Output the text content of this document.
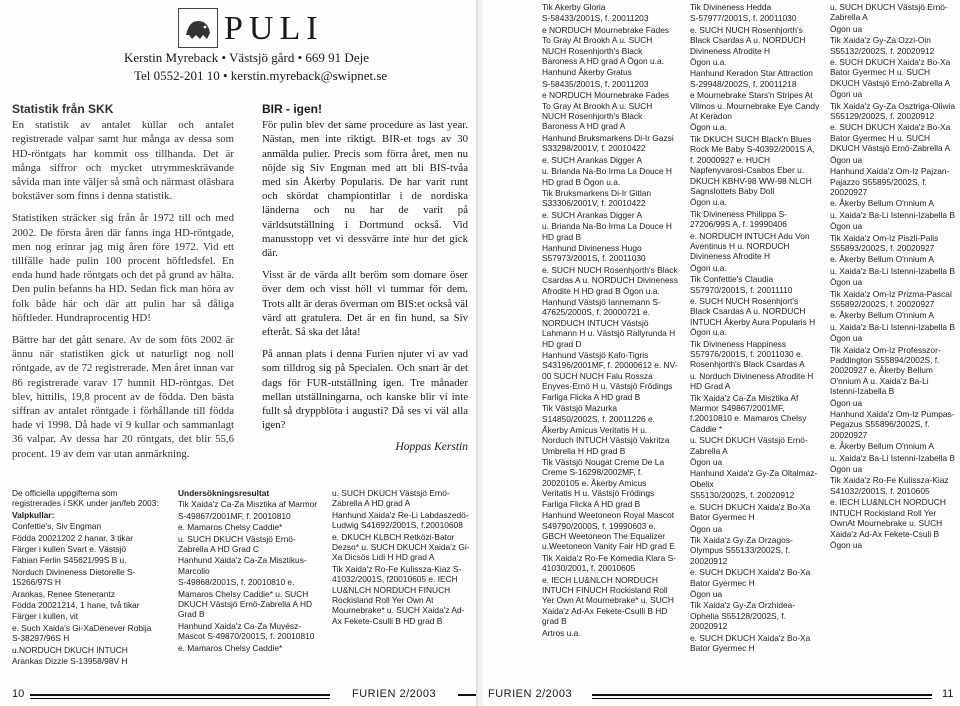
PULI
Kerstin Myreback • Västsjö gård • 669 91 Deje
Tel 0552-201 10 • kerstin.myreback@swipnet.se
Statistik från SKK

En statistik av antalet kullar och antalet registrerade valpar samt hur många av dessa som HD-röntgats har kommit oss tillhanda. Det är många siffror och mycket utrymmeskrävande såvida man inte väljer så små och närmast oläsbara bokstäver som finns i denna statistik.

Statistiken sträcker sig från år 1972 till och med 2002. De första åren där fanns inga HD-röntgade, men nog erinrar jag mig åren före 1972. Vid ett tillfälle hade pulin 100 procent höftledsfel. En enda hund hade röntgats och det på grund av hälta. Den pulin befanns ha HD. Sedan fick man höra av folk både här och där att pulin har så dåliga höftleder. Hundraprocentig HD!

Bättre har det gått senare. Av de som föts 2002 är ännu när statistiken gick ut naturligt nog noll röntgade, av de 72 registrerade. Men året innan var 86 registrerade varav 17 hunnit HD-röntgas. Det blev, hittills, 19,8 procent av de födda. Den bästa siffran av antalet röntgade i förhållande till födda hade vi 1998. Då hade vi 9 kullar och sammanlagt 36 valpar. Av dessa har 20 röntgats, det blir 55,6 procent. 19 av dem var utan anmärkning.

BIR - igen!

För pulin blev det same procedure as last year. Nästan, men inte riktigt. BIR-et togs av 30 anmälda pulier. Precis som förra året, men nu nöjde sig Siv Engman med att bli BIS-tvåa med sin Åkerby Popularis. De har varit runt och skördat championtitlar i de nordiska länderna och nu har de varit på världsutställning i Dortmund också. Vid manusstopp vet vi dessvärre inte hur det gick där.

Visst är de värda allt beröm som domare öser över dem och visst höll vi tummar för dem. Trots allt är deras överman om BIS:et också väl värd att gratulera. Det är en fin hund, sa Siv efteråt. Så ska det låta!

På annan plats i denna Furien njuter vi av vad som tilldrog sig på Specialen. Och snart är det dags för FUR-utställning igen. Tre månader mellan utställningarna, och kanske blir vi inte fullt så dryppblöta i augusti? Då ses vi väl alla igen?

Hoppas Kerstin
De officiella uppgifterna som registrerades i SKK under jan/feb 2003:
Valpkullar:
Confettie's, Siv Engman
Födda 20021202 2 hanar, 3 tikar
Färger i kullen Svart e. Västsjö
Fabian Ferlin S45621/99S B u.
Norduch Divineness Dietorelle S-15266/97S H
Arankas, Renee Stenerantz
Födda 20021214, 1 hane, två tikar
Färger i kullen, vit
e. Such Xaida's Gi-XaDenever Robija S-38297/96S H
u.NORDUCH DKUCH INTUCH
Arankas Dizzie S-13958/98V H
Undersökningsresultat
Tik Xaida'z Ca-Za Misztika af Marmor
S-49867/2001MF, f. 20010810
e. Mamaros Chelsy Caddie*
u. SUCH DKUCH Västsjö Ernö-Zabrella A HD Grad C
Hanhund Xaida'z Ca-Za Misztikus-Marcolio
S-49868/2001S, f. 20010810 e.
Mamaros Chelsy Caddie* u. SUCH DKUCH Västsjö Ernö-Zabrella A HD Grad B
Hanhund Xaida'z Ca-Za Muvész-Mascot S-49870/2001S, f. 20010810
e. Mamaros Chelsy Caddie*
u. SUCH DKUCH Västsjö Ernö-Zabrella A HD grad A
Hanhund Xaida'z Re-Li Labdaszedö-Ludwig S41692/2001S, f.20010608
e. DKUCH KLBCH Retközi-Bator Dezso* u. SUCH DKUCH Xaida'z Gi-Xa Dicsös Lidi H HD grad A
Tik Xaida'z Ro-Fe Kulissza-Kiaz S-41032/2001S, f20010605 e. IECH LU&NLCH NORDUCH FINUCH Rockisland Roll Yer Own At Mournebrake* u. SUCH Xaida'z Ad-Ax Fekete-Csulli B HD grad B
Tik Akerby Gloria
S-58433/2001S, f. 20011203
e NORDUCH Mournebrake Fades To Gray At Brookh A u. SUCH NUCH Rosenhjorth's Black Baroness A HD grad A Ögon u.a.
Hanhund Åkerby Gratus
S-58435/2001S, f. 20011203
e NORDUCH Mournebrake Fades To Gray At Brookh A u. SUCH NUCH Rosenhjorth's Black Baroness A HD grad A
Hanhund Bruksmarkens Di-Ir Gazsi S33298/2001V, f. 20010422
e. SUCH Arankas Digger A
u. Brianda Na-Bo Irma La Douce H HD grad B Ögon u.a.
Tik Bruksmarkens Di-Ir Gitlan S33306/2001V, f. 20010422
e. SUCH Arankas Digger A
u. Brianda Na-Bo Irma La Douce H HD grad B
Hanhund Divineness Hugo S57973/2001S, f. 20011030
e. SUCH NUCH Rosenhjorth's Black Csardas A u. NORDUCH Divineness Afrodite H HD grad B Ögon u.a.
Hanhund Västsjö Iannemann S-47625/2000S, f. 20000721 e. NORDUCH INTUCH Västsjö Lahmann H u. Västsjö Rallyrunda H HD grad D
Hanhund Västsjö Kafo-Tigris S43196/2001MF, f. 20000612 e. NV-00 SUCH NUCH Falu Rossza Enyves-Ernö H u. Västsjö Frödings Farliga Flicka A HD grad B
Tik Västsjö Mazurka
S14850/2002S, f. 20011226 e. Åkerby Amicus Veritatis H u. Norduch INTUCH Västsjö Vakritza Umbrella H HD grad B
Tik Västsjö Nougat Creme De La Creme S-16298/2002MF, f. 20020105 e. Åkerby Amicus Veritatis H u. Västsjö Frödings Farliga Flicka A HD grad B
Hanhund Weetoneon Royal Mascot S49790/2000S, f. 19990603 e. GBCH Weetoneon The Equalizer u.Weetoneon Vanity Fair HD grad E
Tik Xaida'z Ro-Fe Komedia Klara S-41030/2001, f. 20010605
e. IECH LU&NLCH NORDUCH INTUCH FINUCH Rockisland Roll Yer Own At Mournebrake* u. SUCH Xaida'z Ad-Ax Fekete-Csulli B HD grad B
Artros u.a.
Tik Divineness Hedda
S-57977/2001S, f. 20011030
e. SUCH NUCH Rosenhjorth's Black Csardas A u. NORDUCH Divineness Afrodite H
Ögon u.a.
Hanhund Keradon Star Attraction S-29948/2002S, f. 20011218
e Mournebrake Stars'n Stripes At Vilmos u. Mournebrake Eye Candy At Keradon
Ögon u.a.
Tik DKUCH SUCH Black'n Blues Rock Me Baby S-40392/2001S A, f. 20000927 e. HUCH Napfenyvarosi-Csabos Eber u. DKUCH KBHV-98 WW-98 NLCH Sagnslottets Baby Doll
Ögon u.a.
Tik Divineness Philippa S-27206/99S A, f. 19990406
e. NORDUCH INTUCH Adu Von Aventinus H u. NORDUCH Divineness Afrodite H
Ögon u.a.
Tik Confettie's Claudia S57970/2001S, f. 20011110
e. SUCH NUCH Rosenhjort's Black Csardas A u. NORDUCH INTUCH Åkerby Aura Popularis H Ögon u.a.
Tik Divineness Happiness S57976/2001S, f. 20011030 e. Rosenhjorth's Black Csardas A
u. Norduch Divineness Afrodite H HD Grad A
Tik Xaida'z Ca-Za Misztika Af Marmor S49867/2001MF, f.20010810 e. Mamaros Chelsy Caddie *
u. SUCH DKUCH Västsjö Ernö-Zabrella A
Ögon ua
Hanhund Xaida'z Gy-Za Oltalmaz-Obelix
S55130/2002S, f. 20020912
e. SUCH DKUCH Xaida'z Bo-Xa Bator Gyermec H
Ögon ua
Tik Xaida'z Gy-Za Orzagos-Olympus S55133/2002S, f. 20020912
e. SUCH DKUCH Xaida'z Bo-Xa Bator Gyermec H
Ögon ua
Tik Xaida'z Gy-Za Orzhidea-Ophelia S55128/2002S, f. 20020912
e. SUCH DKUCH Xaida'z Bo-Xa Bator Gyermec H
u. SUCH DKUCH Västsjö Ernö-Zabrella A
Ögon ua
Tik Xaida'z Gy-Za Ozzi-Oin S55132/2002S, f. 20020912
e. SUCH DKUCH Xaida'z Bo-Xa Bator Gyermec H u. SUCH DKUCH Västsjö Ernö-Zabrella A
Ögon ua
Tik Xaida'z Gy-Za Osztriga-Oliwia S55129/2002S, f. 20020912
e. SUCH DKUCH Xaida'z Bo-Xa Bator Gyermec H u. SUCH DKUCH Västsjö Ernö-Zabrella A
Ögon ua
Hanhund Xaida'z Om-Iz Pajzan-Pajazzo S55895/2002S, f. 20020927
e. Åkerby Bellum O'nnium A
u. Xaida'z Ba-Li Istenni-Izabella B
Ögon ua
Tik Xaida'z Om-Iz Piszli-Palis S55893/2002S, f. 20020927
e. Åkerby Bellum O'nnium A
u. Xaida'z Ba-Li Istenni-Izabella B
Ögon ua
Tik Xaida'z Om-Iz Prizma-Pascal S55892/2002S, f. 20020927
e. Åkerby Bellum O'nnium A
u. Xaida'z Ba-Li Istenni-Izabella B
Ögon ua
Tik Xaida'z Om-Iz Professzor-Paddington S55894/2002S, f. 20020927 e. Åkerby Bellum O'nnium A u. Xaida'z Ba-Li Istenni-Izabella B
Ögon ua
Hanhund Xaida'z Om-Iz Pumpas-Pegazus S55896/2002S, f. 20020927
e. Åkerby Bellum O'nnium A
u. Xaida'z Ba-Li Istenni-Izabella B
Ögon ua
Tik Xaida'z Ro-Fe Kulissza-Kiaz S41032/2001S, f. 2010605
e. IECH LU&NLCH NORDUCH INTUCH Rockisland Roll Yer OwnAt Mournebrake u. SUCH Xaida'z Ad-Ax Fekete-Csuli B
Ögon ua
10	FURIEN 2/2003	FURIEN 2/2003	11
